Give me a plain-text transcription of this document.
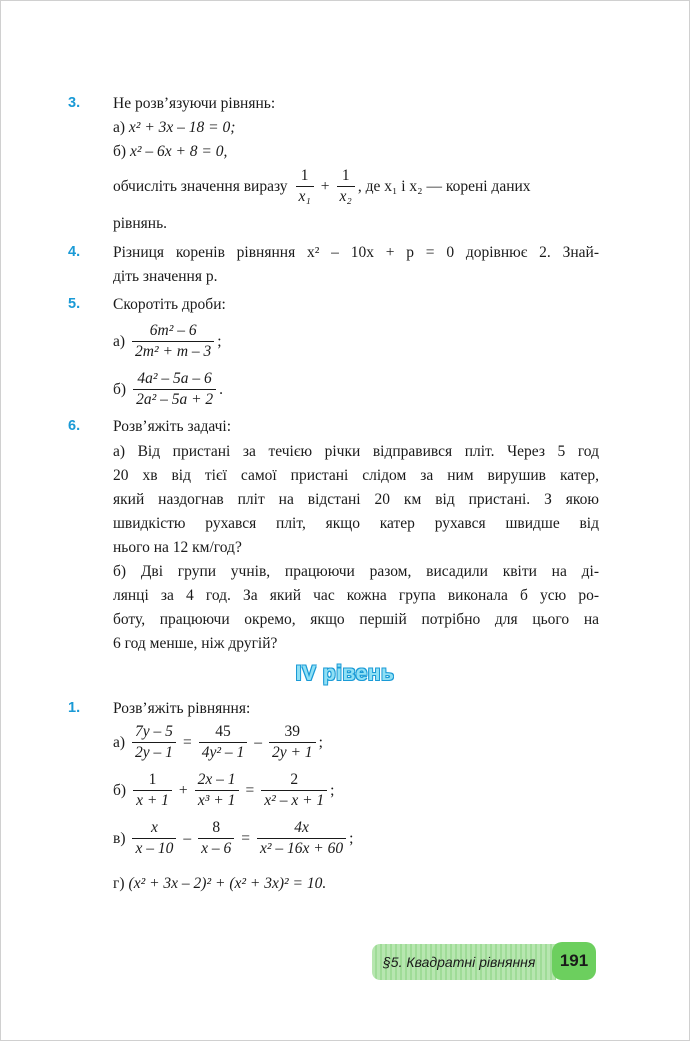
3.	Не розв’язуючи рівнянь:
а) x² + 3x – 18 = 0;
б) x² – 6x + 8 = 0,
обчисліть значення виразу $\frac{1}{\text{x₁}} + \frac{1}{\text{x₂}}$ , де x₁ і x₂ — корені даних
рівнянь.
4.	Різниця коренів рівняння x² – 10x + p = 0 дорівнює 2. Знай-
діть значення p.
5.	Скоротіть дроби:
$а) \frac{\text{6m² – 6}}{\text{2m² + m – 3}}$ ;
$б) \frac{\text{4a² – 5a – 6}}{\text{2a² – 5a + 2}}$ .
6.	Розв’яжіть задачі:
а) Від пристані за течією річки відправився пліт. Через 5 год
20 хв від тієї самої пристані слідом за ним вирушив катер,
який наздогнав пліт на відстані 20 км від пристані. З якою
швидкістю рухався пліт, якщо катер рухався швидше від
нього на 12 км/год?
б) Дві групи учнів, працюючи разом, висадили квіти на ді-
лянці за 4 год. За який час кожна група виконала б усю ро-
боту, працюючи окремо, якщо першій потрібно для цього на
6 год менше, ніж другій?
IV рівень
1.	Розв’яжіть рівняння:
$а) \frac{7y - 5}{2y - 1} = \frac{45}{\text{4y² – 1}} - \frac{39}{2y + 1}$ ;
$б) \frac{1}{x + 1} + \frac{2x - 1}{\text{x³ + 1}} = \frac{2}{\text{x² – x + 1}}$ ;
$в) \frac{x}{x - 10} - \frac{8}{x - 6} = \frac{4x}{\text{x² – 16x + 60}}$ ;
г) (x² + 3x – 2)² + (x² + 3x)² = 10.
§5. Квадратні рівняння	191
